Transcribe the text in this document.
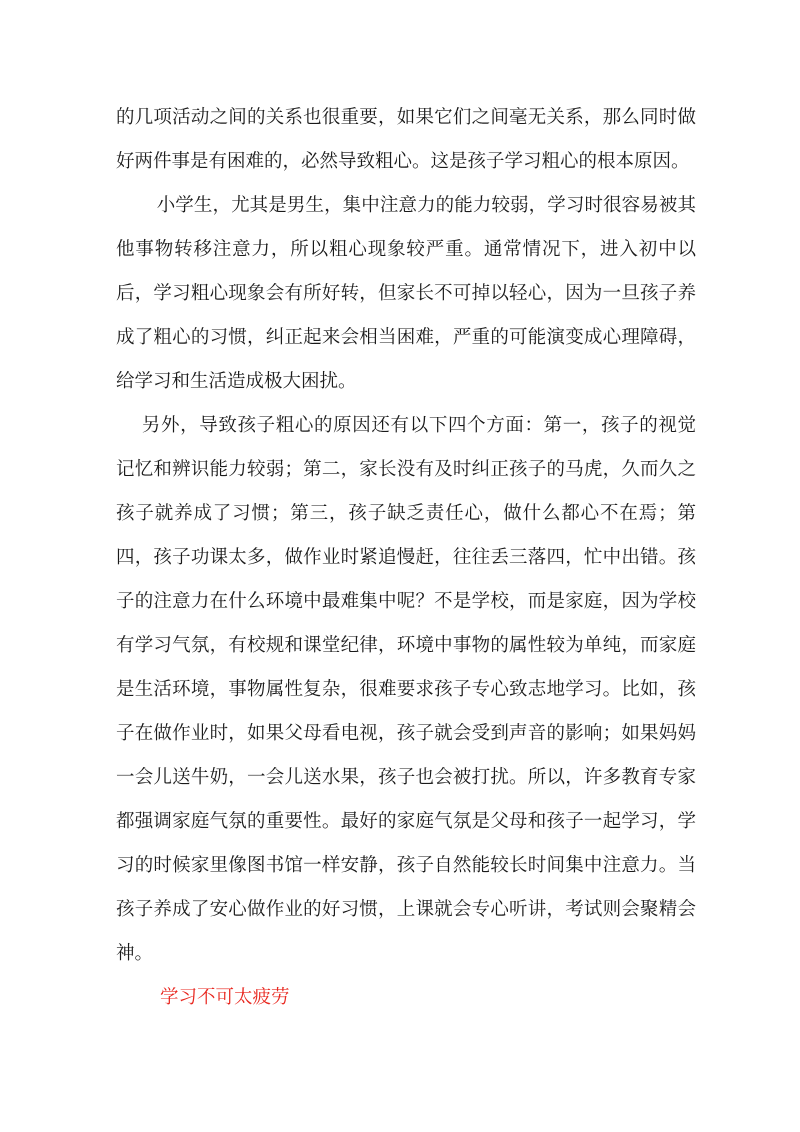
的几项活动之间的关系也很重要，如果它们之间毫无关系，那么同时做好两件事是有困难的，必然导致粗心。这是孩子学习粗心的根本原因。

小学生，尤其是男生，集中注意力的能力较弱，学习时很容易被其他事物转移注意力，所以粗心现象较严重。通常情况下，进入初中以后，学习粗心现象会有所好转，但家长不可掉以轻心，因为一旦孩子养成了粗心的习惯，纠正起来会相当困难，严重的可能演变成心理障碍，给学习和生活造成极大困扰。

另外，导致孩子粗心的原因还有以下四个方面：第一，孩子的视觉记忆和辨识能力较弱；第二，家长没有及时纠正孩子的马虎，久而久之孩子就养成了习惯；第三，孩子缺乏责任心，做什么都心不在焉；第四，孩子功课太多，做作业时紧追慢赶，往往丢三落四，忙中出错。孩子的注意力在什么环境中最难集中呢？不是学校，而是家庭，因为学校有学习气氛，有校规和课堂纪律，环境中事物的属性较为单纯，而家庭是生活环境，事物属性复杂，很难要求孩子专心致志地学习。比如，孩子在做作业时，如果父母看电视，孩子就会受到声音的影响；如果妈妈一会儿送牛奶，一会儿送水果，孩子也会被打扰。所以，许多教育专家都强调家庭气氛的重要性。最好的家庭气氛是父母和孩子一起学习，学习的时候家里像图书馆一样安静，孩子自然能较长时间集中注意力。当孩子养成了安心做作业的好习惯，上课就会专心听讲，考试则会聚精会神。

学习不可太疲劳
